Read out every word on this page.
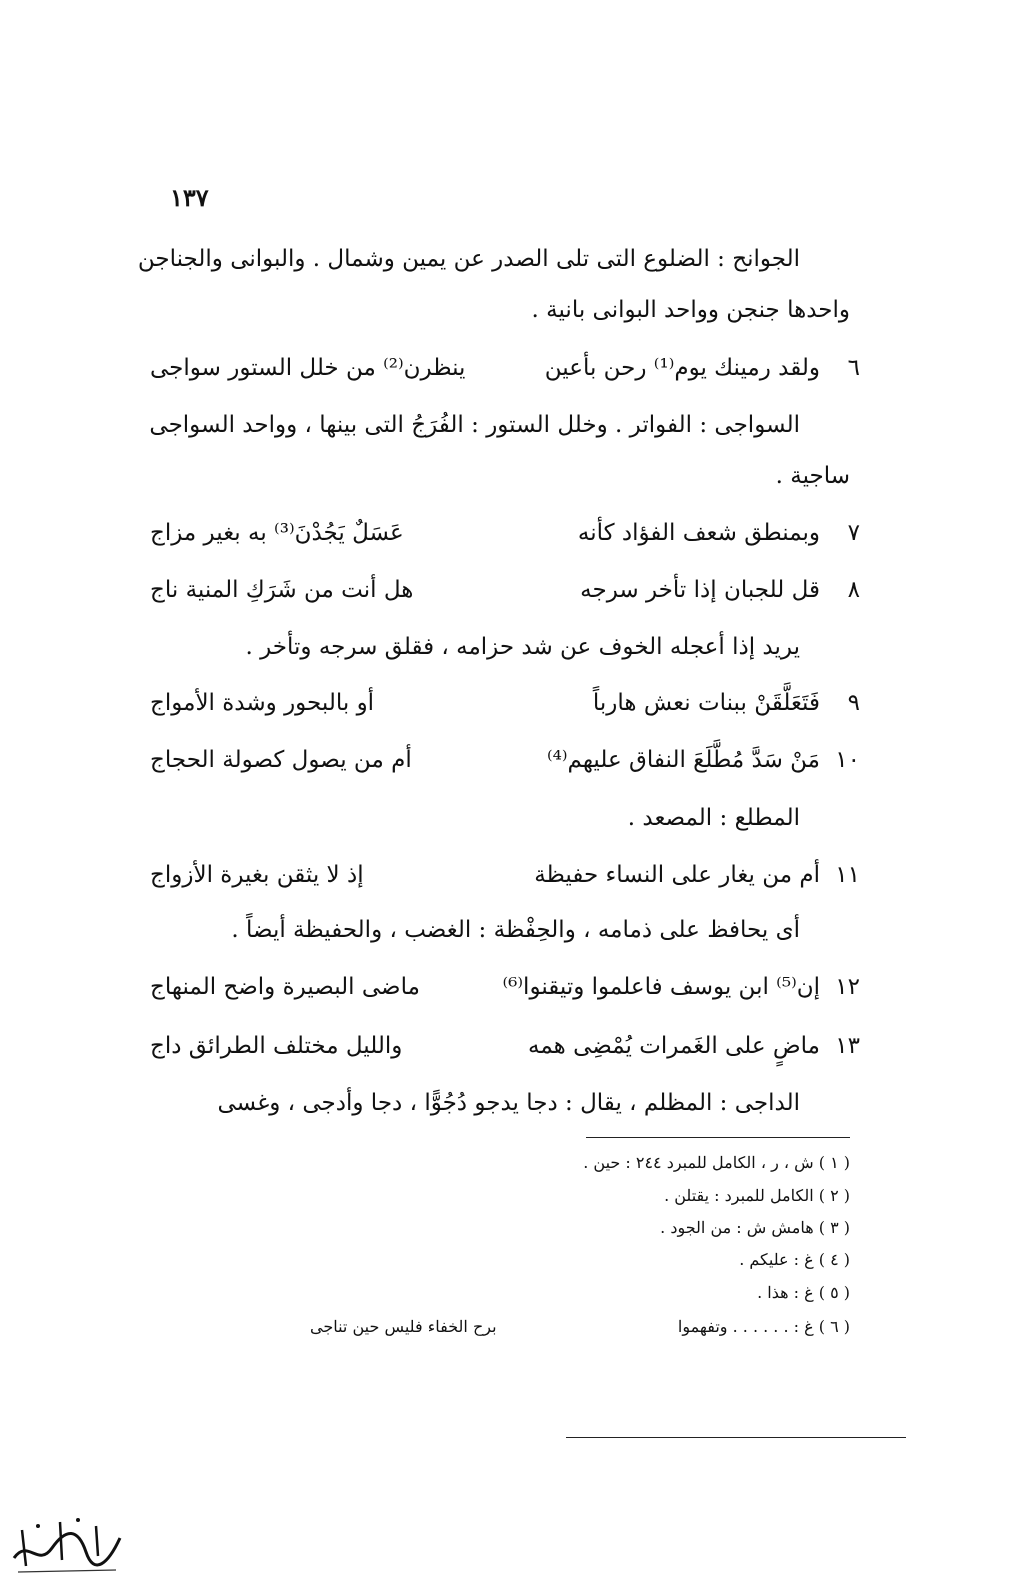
١٣٧
الجوانح : الضلوع التى تلى الصدر عن يمين وشمال . والبوانى والجناجن
واحدها جنجن وواحد البوانى بانية .
٦
ولقد رمينك يوم⁽¹⁾ رحن بأعين
ينظرن⁽²⁾ من خلل الستور سواجى
السواجى : الفواتر . وخلل الستور : الفُرَجُ التى بينها ، وواحد السواجى
ساجية .
٧
وبمنطق شعف الفؤاد كأنه
عَسَلٌ يَجُدْنَ⁽³⁾ به بغير مزاج
٨
قل للجبان إذا تأخر سرجه
هل أنت من شَرَكِ المنية ناج
يريد إذا أعجله الخوف عن شد حزامه ، فقلق سرجه وتأخر .
٩
فَتَعَلَّقَنْ ببنات نعش هارباً
أو بالبحور وشدة الأمواج
١٠
مَنْ سَدَّ مُطَّلَعَ النفاق عليهم⁽⁴⁾
أم من يصول كصولة الحجاج
المطلع : المصعد .
١١
أم من يغار على النساء حفيظة
إذ لا يثقن بغيرة الأزواج
أى يحافظ على ذمامه ، والحِفْظة : الغضب ، والحفيظة أيضاً .
١٢
إن⁽⁵⁾ ابن يوسف فاعلموا وتيقنوا⁽⁶⁾
ماضى البصيرة واضح المنهاج
١٣
ماضٍ على الغَمرات يُمْضِى همه
والليل مختلف الطرائق داج
الداجى : المظلم ، يقال : دجا يدجو دُجُوًّا ، دجا وأدجى ، وغسى
( ١ ) ش ، ر ، الكامل للمبرد ٢٤٤ : حين .
( ٢ ) الكامل للمبرد : يقتلن .
( ٣ ) هامش ش : من الجود .
( ٤ ) غ : عليكم .
( ٥ ) غ : هذا .
( ٦ ) غ : . . . . . . وتفهموا
برح الخفاء فليس حين تناجى
